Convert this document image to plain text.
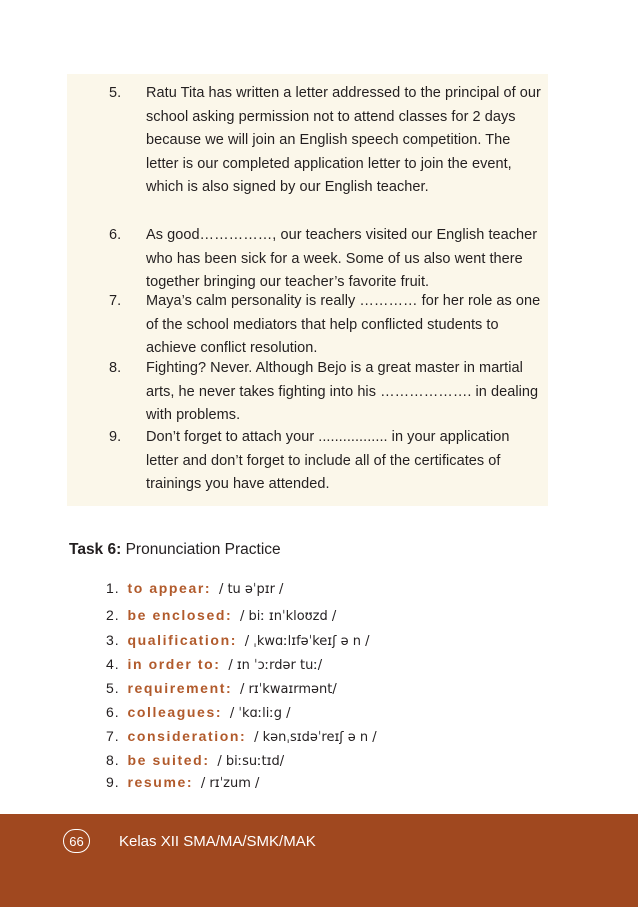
5. Ratu Tita has written a letter addressed to the principal of our school asking permission not to attend classes for 2 days because we will join an English speech competition. The letter is our completed application letter to join the event, which is also signed by our English teacher.
6. As good……………, our teachers visited our English teacher who has been sick for a week. Some of us also went there together bringing our teacher’s favorite fruit.
7. Maya’s calm personality is really ………… for her role as one of the school mediators that help conflicted students to achieve conflict resolution.
8. Fighting? Never. Although Bejo is a great master in martial arts, he never takes fighting into his ………………. in dealing with problems.
9. Don’t forget to attach your ................. in your application letter and don’t forget to include all of the certificates of trainings you have attended.
Task 6: Pronunciation Practice
1. to appear: / tu əˈpɪr /
2. be enclosed: / biː ɪnˈkloʊzd /
3. qualification: / ˌkwɑːlɪfəˈkeɪʃ ə n /
4. in order to: / ɪn ˈɔːrdər tuː/
5. requirement: / rɪˈkwaɪrmənt/
6. colleagues: / ˈkɑːliːg /
7. consideration: / kənˌsɪdəˈreɪʃ ə n /
8. be suited: / biːsuːtɪd/
9. resume: / rɪˈzum /
66	Kelas XII SMA/MA/SMK/MAK
